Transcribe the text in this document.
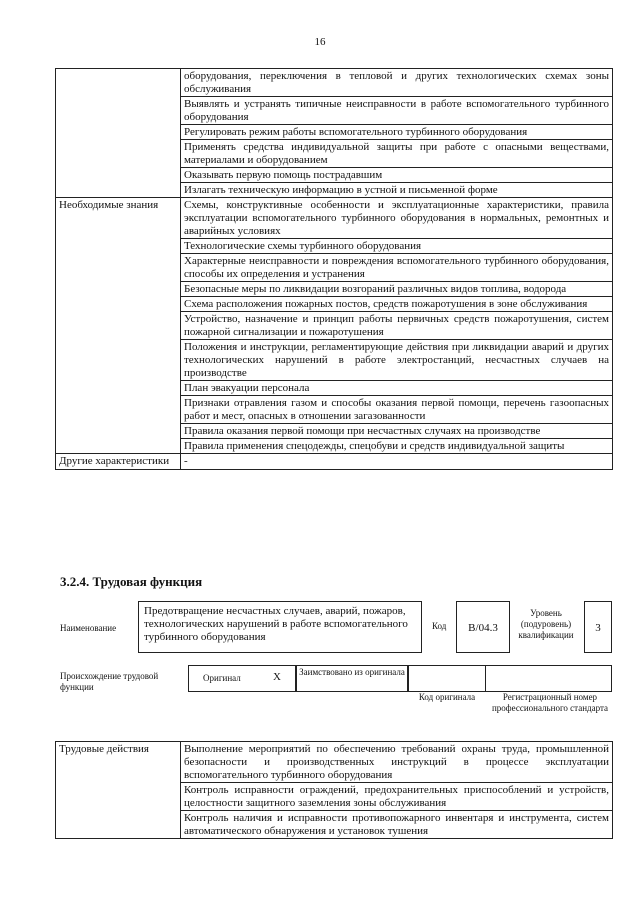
16
	оборудования, переключения в тепловой и других технологических схемах зоны обслуживания
	Выявлять и устранять типичные неисправности в работе вспомогательного турбинного оборудования
	Регулировать режим работы вспомогательного турбинного оборудования
	Применять средства индивидуальной защиты при работе с опасными веществами, материалами и оборудованием
	Оказывать первую помощь пострадавшим
	Излагать техническую информацию в устной и письменной форме
Необходимые знания	Схемы, конструктивные особенности и эксплуатационные характеристики, правила эксплуатации вспомогательного турбинного оборудования в нормальных, ремонтных и аварийных условиях
	Технологические схемы турбинного оборудования
	Характерные неисправности и повреждения вспомогательного турбинного оборудования, способы их определения и устранения
	Безопасные меры по ликвидации возгораний различных видов топлива, водорода
	Схема расположения пожарных постов, средств пожаротушения в зоне обслуживания
	Устройство, назначение и принцип работы первичных средств пожаротушения, систем пожарной сигнализации и пожаротушения
	Положения и инструкции, регламентирующие действия при ликвидации аварий и других технологических нарушений в работе электростанций, несчастных случаев на производстве
	План эвакуации персонала
	Признаки отравления газом и способы оказания первой помощи, перечень газоопасных работ и мест, опасных в отношении загазованности
	Правила оказания первой помощи при несчастных случаях на производстве
	Правила применения спецодежды, спецобуви и средств индивидуальной защиты
Другие характеристики	-
3.2.4. Трудовая функция
Наименование
Предотвращение несчастных случаев, аварий, пожаров, технологических нарушений в работе вспомогательного турбинного оборудования
Код	B/04.3
Уровень (подуровень) квалификации
3
Происхождение трудовой функции
Оригинал	X Заимствовано из оригинала
Код оригинала	Регистрационный номер профессионального стандарта
Трудовые действия	Выполнение мероприятий по обеспечению требований охраны труда, промышленной безопасности и производственных инструкций в процессе эксплуатации вспомогательного турбинного оборудования
Контроль исправности ограждений, предохранительных приспособлений и устройств, целостности защитного заземления зоны обслуживания
Контроль наличия и исправности противопожарного инвентаря и инструмента, систем автоматического обнаружения и установок тушения
